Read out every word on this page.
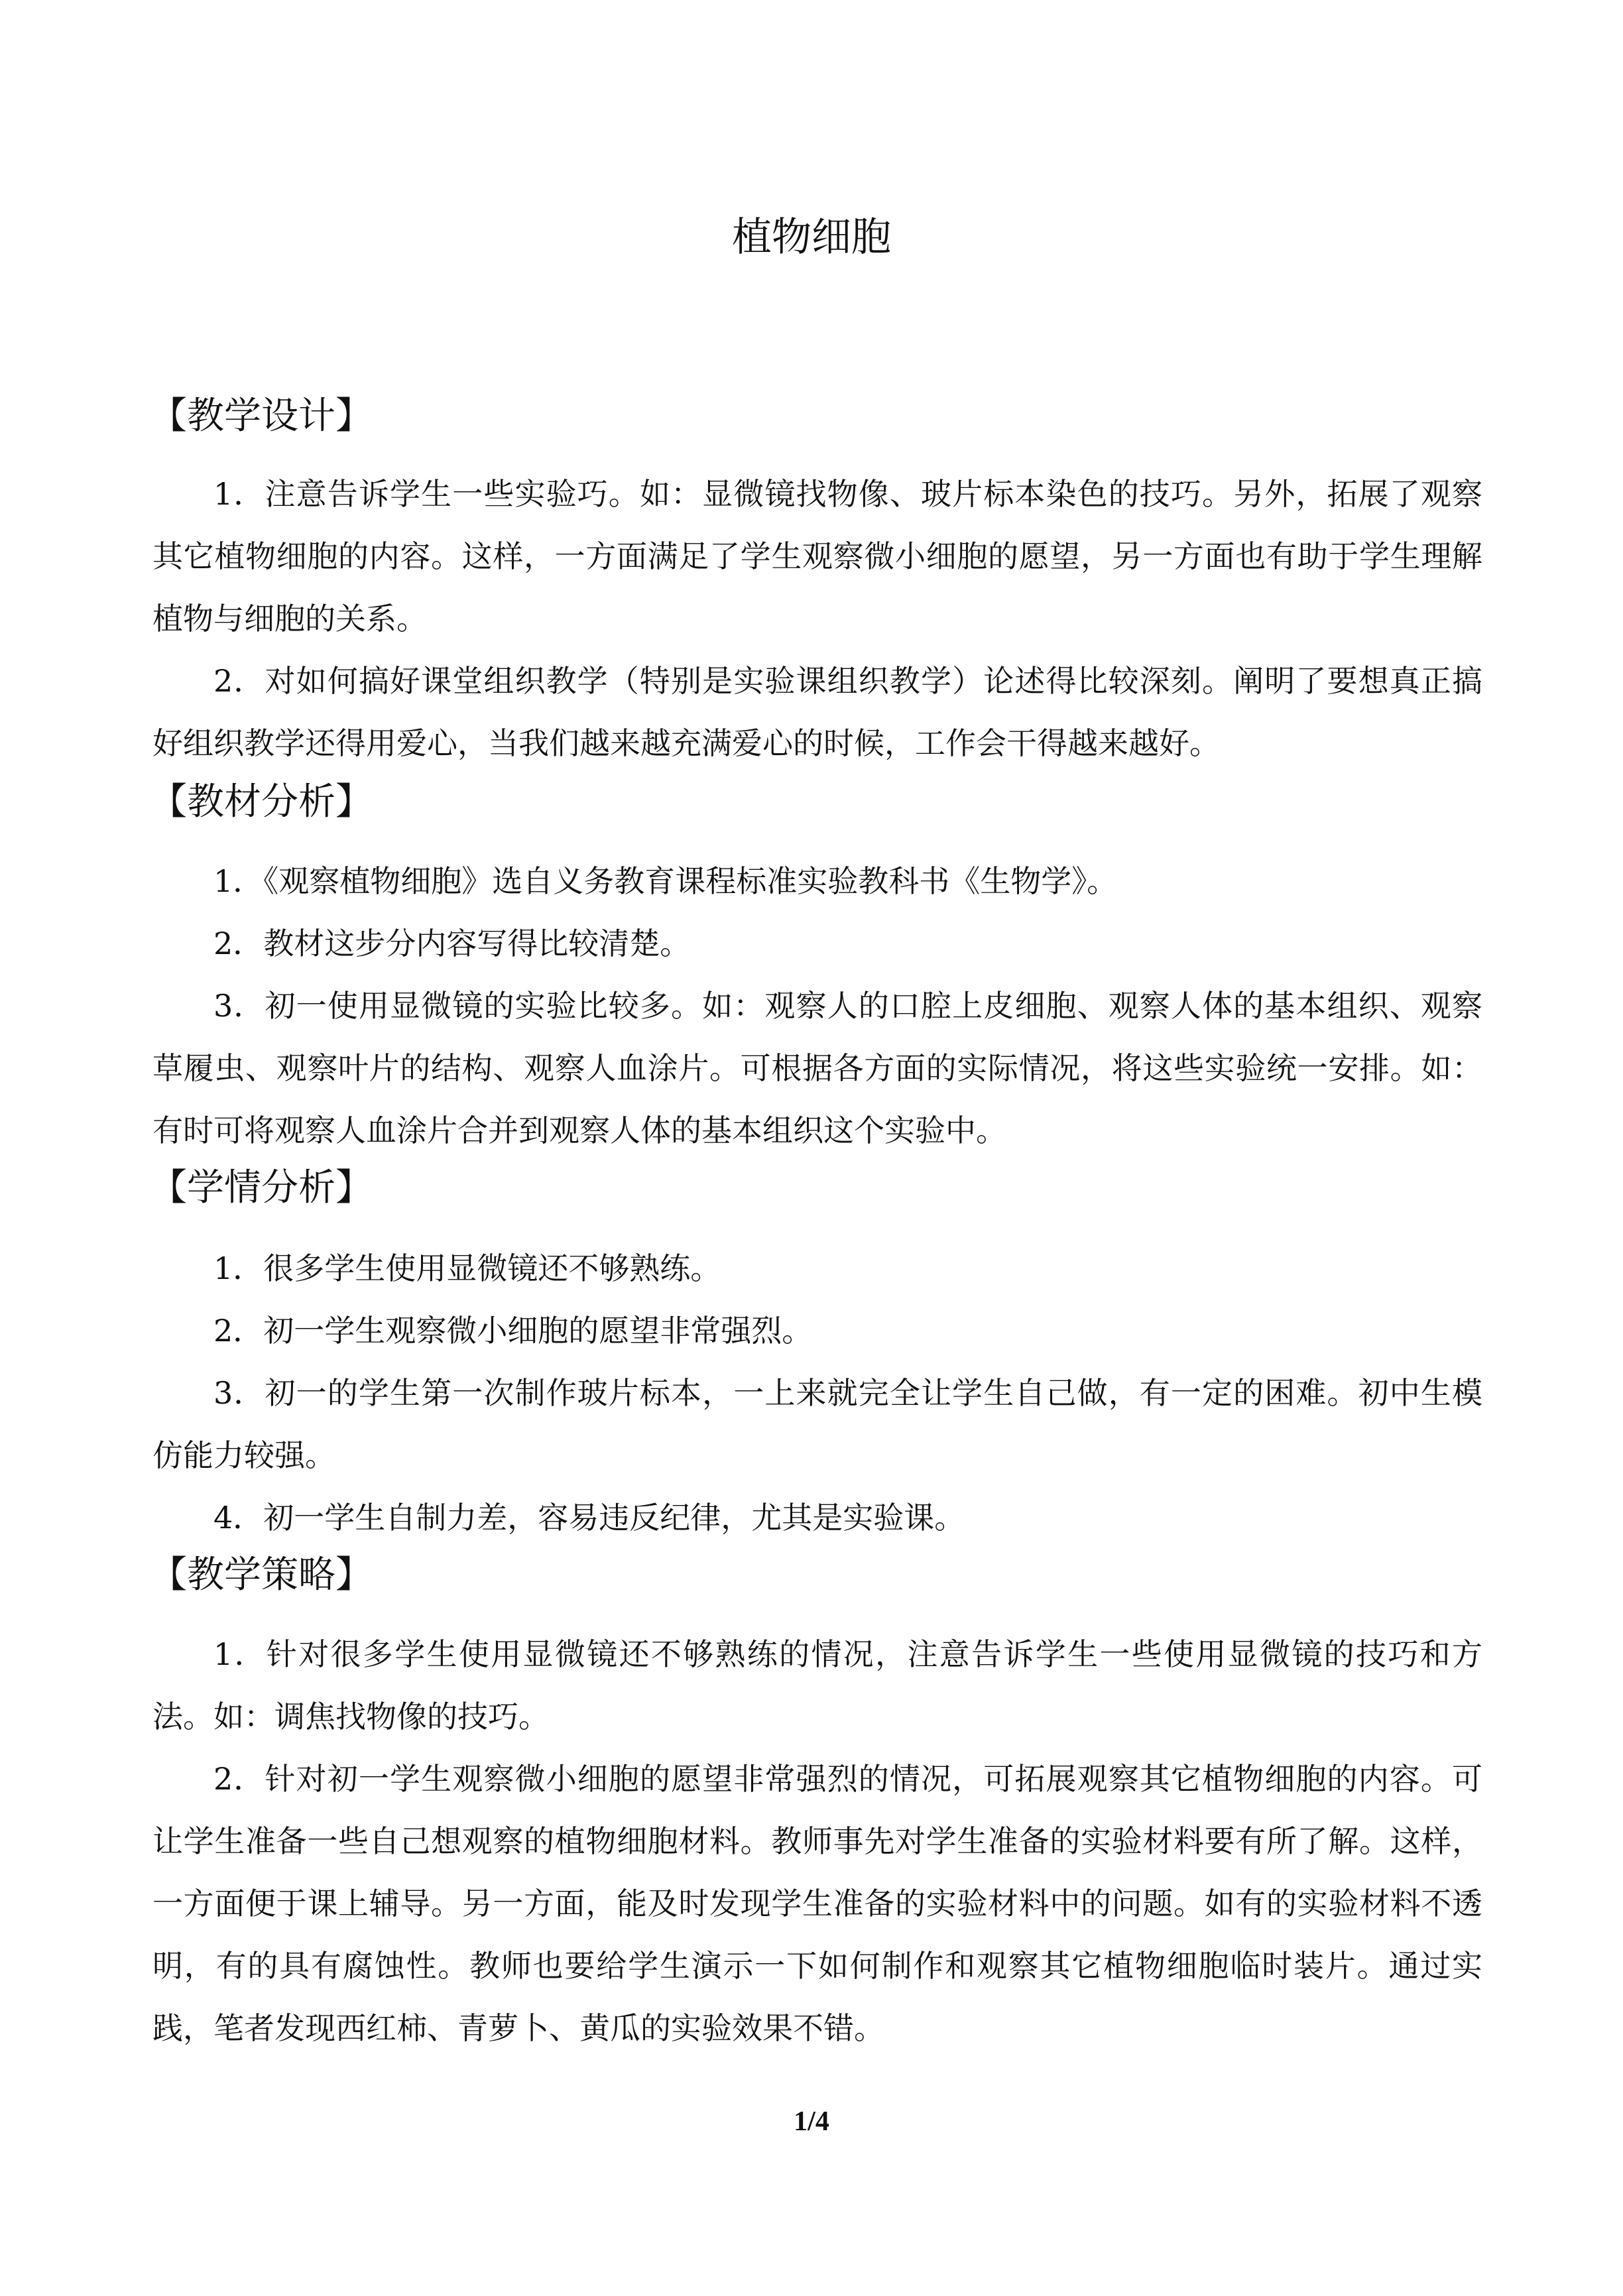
植物细胞
【教学设计】

1．注意告诉学生一些实验巧。如：显微镜找物像、玻片标本染色的技巧。另外，拓展了观察其它植物细胞的内容。这样，一方面满足了学生观察微小细胞的愿望，另一方面也有助于学生理解植物与细胞的关系。

2．对如何搞好课堂组织教学（特别是实验课组织教学）论述得比较深刻。阐明了要想真正搞好组织教学还得用爱心，当我们越来越充满爱心的时候，工作会干得越来越好。

【教材分析】

1．《观察植物细胞》选自义务教育课程标准实验教科书《生物学》。

2．教材这步分内容写得比较清楚。

3．初一使用显微镜的实验比较多。如：观察人的口腔上皮细胞、观察人体的基本组织、观察草履虫、观察叶片的结构、观察人血涂片。可根据各方面的实际情况，将这些实验统一安排。如：有时可将观察人血涂片合并到观察人体的基本组织这个实验中。

【学情分析】

1．很多学生使用显微镜还不够熟练。

2．初一学生观察微小细胞的愿望非常强烈。

3．初一的学生第一次制作玻片标本，一上来就完全让学生自己做，有一定的困难。初中生模仿能力较强。

4．初一学生自制力差，容易违反纪律，尤其是实验课。

【教学策略】

1．针对很多学生使用显微镜还不够熟练的情况，注意告诉学生一些使用显微镜的技巧和方法。如：调焦找物像的技巧。

2．针对初一学生观察微小细胞的愿望非常强烈的情况，可拓展观察其它植物细胞的内容。可让学生准备一些自己想观察的植物细胞材料。教师事先对学生准备的实验材料要有所了解。这样，一方面便于课上辅导。另一方面，能及时发现学生准备的实验材料中的问题。如有的实验材料不透明，有的具有腐蚀性。教师也要给学生演示一下如何制作和观察其它植物细胞临时装片。通过实践，笔者发现西红柿、青萝卜、黄瓜的实验效果不错。

1/4
